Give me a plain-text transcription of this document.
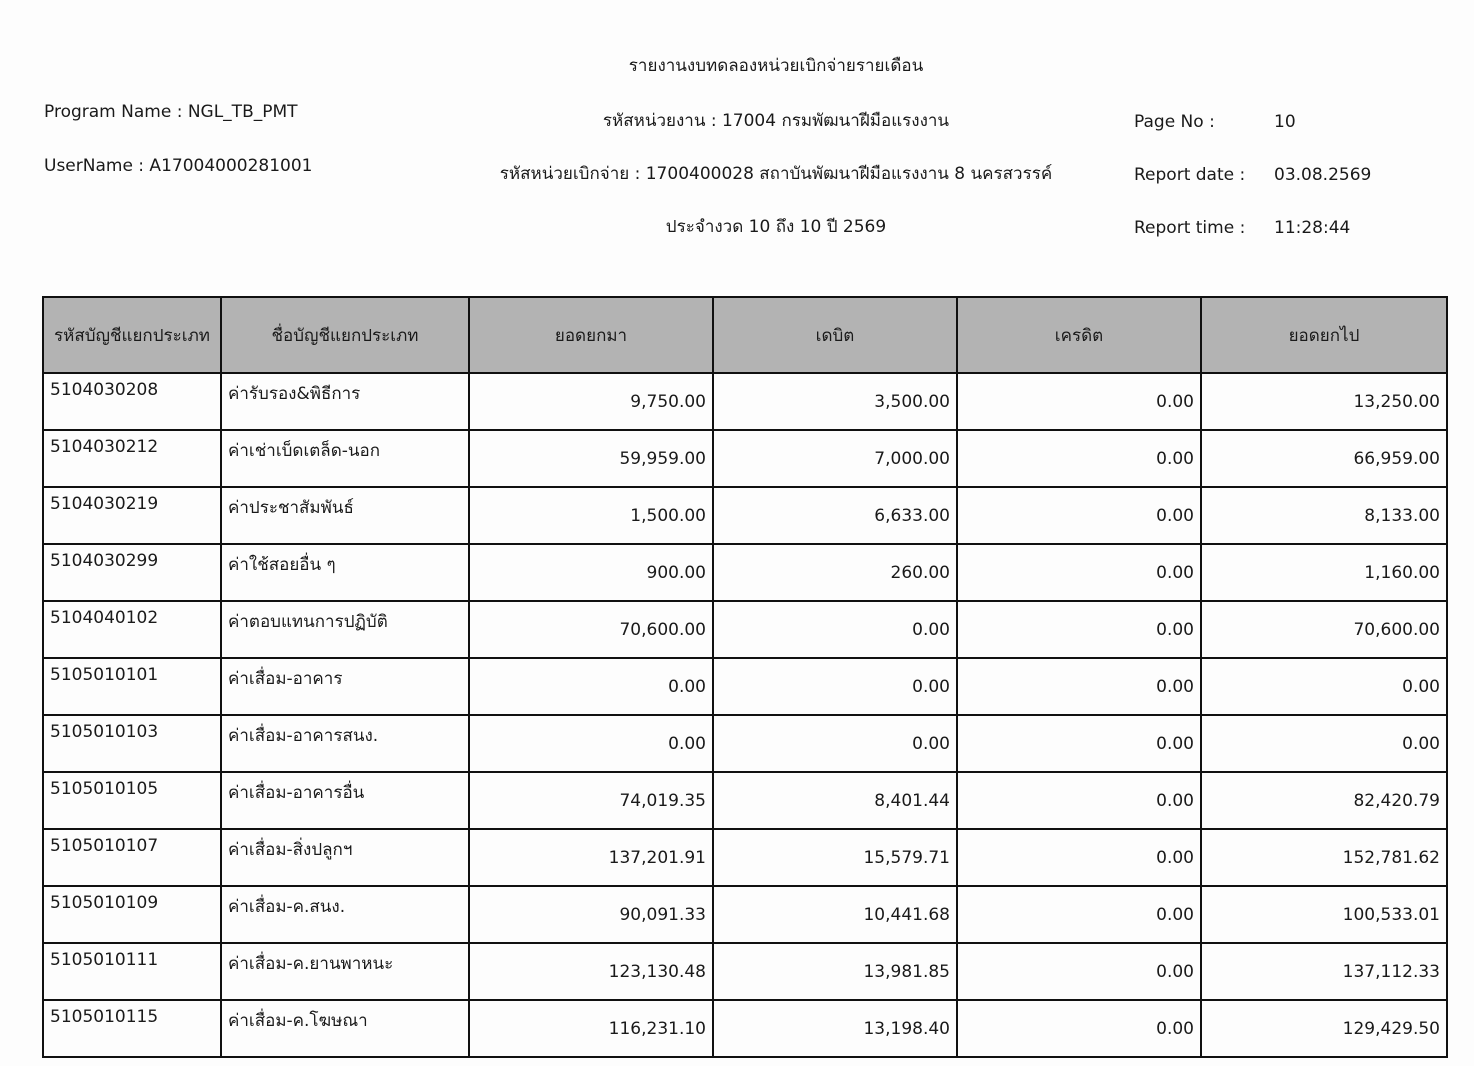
รายงานงบทดลองหน่วยเบิกจ่ายรายเดือน
รหัสหน่วยงาน : 17004 กรมพัฒนาฝีมือแรงงาน
รหัสหน่วยเบิกจ่าย : 1700400028 สถาบันพัฒนาฝีมือแรงงาน 8 นครสวรรค์
ประจำงวด 10 ถึง 10 ปี 2569
Program Name : NGL_TB_PMT
UserName : A17004000281001
Page No :	10
Report date : 03.08.2569
Report time : 11:28:44
รหัสบัญชีแยกประเภท	ชื่อบัญชีแยกประเภท	ยอดยกมา	เดบิต	เครดิต	ยอดยกไป
5104030208	ค่ารับรอง&พิธีการ	9,750.00	3,500.00	0.00	13,250.00
5104030212	ค่าเช่าเบ็ดเตล็ด-นอก	59,959.00	7,000.00	0.00	66,959.00
5104030219	ค่าประชาสัมพันธ์	1,500.00	6,633.00	0.00	8,133.00
5104030299	ค่าใช้สอยอื่น ๆ	900.00	260.00	0.00	1,160.00
5104040102	ค่าตอบแทนการปฏิบัติ	70,600.00	0.00	0.00	70,600.00
5105010101	ค่าเสื่อม-อาคาร	0.00	0.00	0.00	0.00
5105010103	ค่าเสื่อม-อาคารสนง.	0.00	0.00	0.00	0.00
5105010105	ค่าเสื่อม-อาคารอื่น	74,019.35	8,401.44	0.00	82,420.79
5105010107	ค่าเสื่อม-สิ่งปลูกฯ	137,201.91	15,579.71	0.00	152,781.62
5105010109	ค่าเสื่อม-ค.สนง.	90,091.33	10,441.68	0.00	100,533.01
5105010111	ค่าเสื่อม-ค.ยานพาหนะ	123,130.48	13,981.85	0.00	137,112.33
5105010115	ค่าเสื่อม-ค.โฆษณา	116,231.10	13,198.40	0.00	129,429.50
